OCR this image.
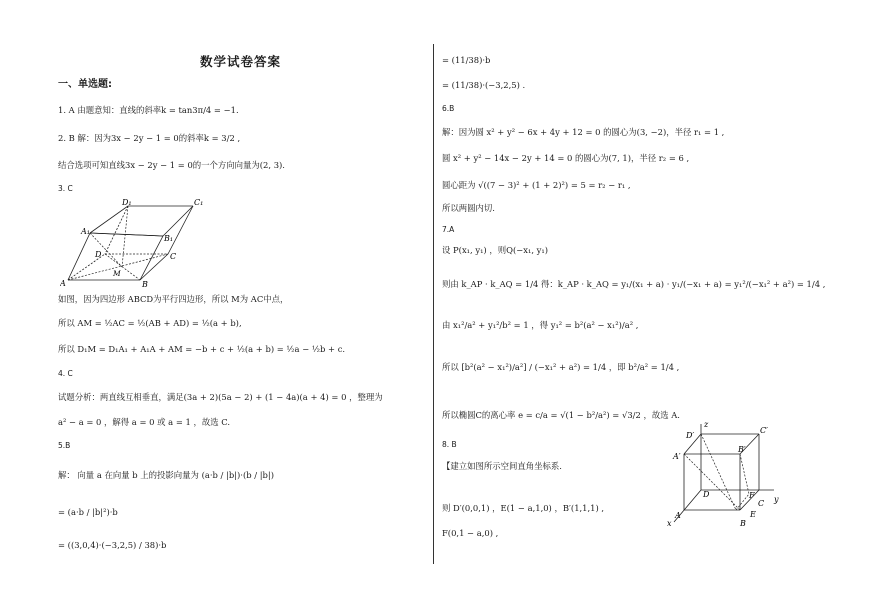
数学试卷答案
一、单选题:
1. A 由题意知：直线的斜率k = tan3π/4 = −1.
2. B 解：因为3x − 2y − 1 = 0的斜率k = 3/2 ,
结合选项可知直线3x − 2y − 1 = 0的一个方向向量为(2, 3).
3. C
D₁	C₁
A₁
B₁
D	C
A	B
M
如图，因为四边形 ABCD为平行四边形，所以 M为 AC中点，
所以 AM = ½AC = ½(AB + AD) = ½(a + b),
所以 D₁M = D₁A₁ + A₁A + AM = −b + c + ½(a + b) = ½a − ½b + c.
4. C
试题分析：两直线互相垂直，满足(3a + 2)(5a − 2) + (1 − 4a)(a + 4) = 0 ，整理为
a² − a = 0 ，解得 a = 0 或 a = 1 ，故选 C.
5.B
解： 向量 a 在向量 b 上的投影向量为 (a·b / |b|)·(b / |b|)
= (a·b / |b|²)·b
= ((3,0,4)·(−3,2,5) / 38)·b
= (11/38)·b
= (11/38)·(−3,2,5) .
6.B
解：因为圆 x² + y² − 6x + 4y + 12 = 0 的圆心为(3, −2)，半径 r₁ = 1 ,
圆 x² + y² − 14x − 2y + 14 = 0 的圆心为(7, 1)，半径 r₂ = 6 ,
圆心距为 √((7 − 3)² + (1 + 2)²) = 5 = r₂ − r₁ ,
所以两圆内切.
7.A
设 P(x₁, y₁) ，则Q(−x₁, y₁)
则由 k_AP · k_AQ = 1/4 得：k_AP · k_AQ = y₁/(x₁ + a) · y₁/(−x₁ + a) = y₁²/(−x₁² + a²) = 1/4 ,
由 x₁²/a² + y₁²/b² = 1 ，得 y₁² = b²(a² − x₁²)/a² ,
所以 [b²(a² − x₁²)/a²] / (−x₁² + a²) = 1/4 ，即 b²/a² = 1/4 ,
所以椭圆C的离心率 e = c/a = √(1 − b²/a²) = √3/2 ，故选 A.
8. B
【建立如图所示空间直角坐标系.
则 D′(0,0,1) ，E(1 − a,1,0) ，B′(1,1,1) ,
F(0,1 − a,0) ,
z
D′
C′
A′
B′
D	F
C y
A
B
E
x
